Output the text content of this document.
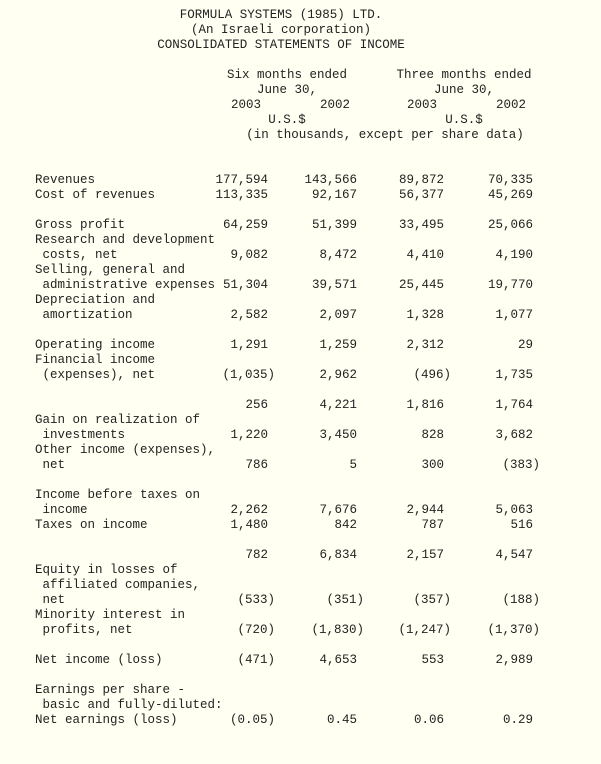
FORMULA SYSTEMS (1985) LTD.
(An Israeli corporation)
CONSOLIDATED STATEMENTS OF INCOME
Six months ended	Three months ended
June 30,	June 30,
2003	2002	2003	2002
U.S.$	U.S.$
(in thousands, except per share data)
Revenues	177,594	143,566	89,872	70,335
Cost of revenues	113,335	92,167	56,377	45,269
Gross profit	64,259	51,399	33,495	25,066
Research and development
costs, net	9,082	8,472	4,410	4,190
Selling, general and
administrative expenses 51,304	39,571	25,445	19,770
Depreciation and
amortization	2,582	2,097	1,328	1,077
Operating income	1,291	1,259	2,312	29
Financial income
(expenses), net	(1,035)	2,962	(496)	1,735
256	4,221	1,816	1,764
Gain on realization of
investments	1,220	3,450	828	3,682
Other income (expenses),
net	786	5	300	(383)
Income before taxes on
income	2,262	7,676	2,944	5,063
Taxes on income	1,480	842	787	516
782	6,834	2,157	4,547
Equity in losses of
affiliated companies,
net	(533)	(351)	(357)	(188)
Minority interest in
profits, net	(720)	(1,830)	(1,247)	(1,370)
Net income (loss)	(471)	4,653	553	2,989
Earnings per share -
basic and fully-diluted:
Net earnings (loss)	(0.05)	0.45	0.06	0.29
